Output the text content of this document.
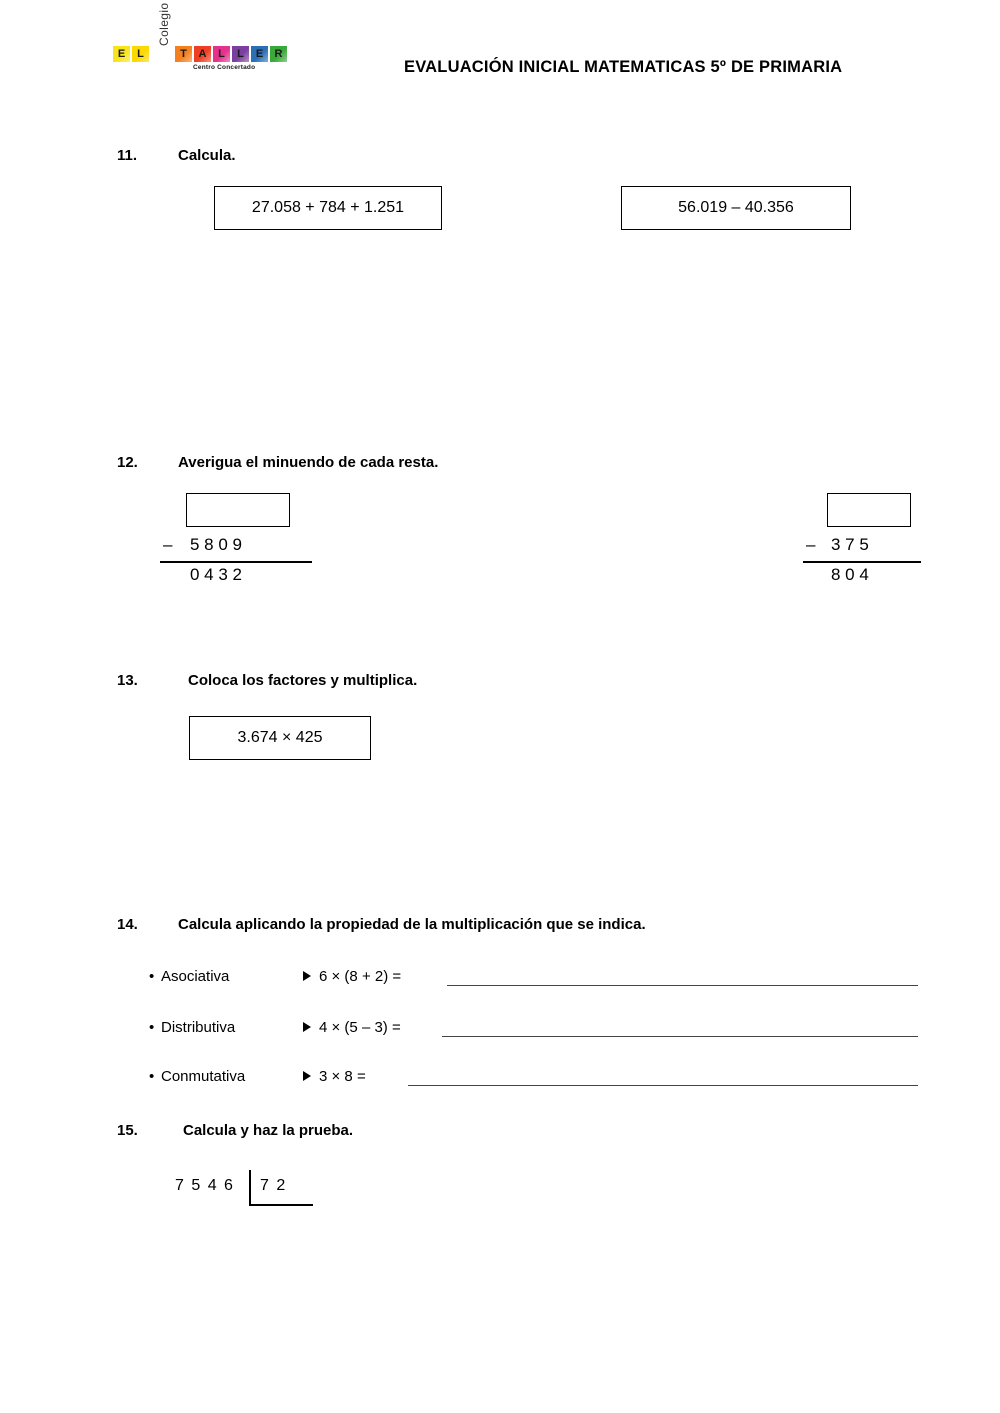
Colegio
E	L	T	A	L	L	E	R
Centro Concertado	EVALUACIÓN INICIAL MATEMATICAS 5º DE PRIMARIA
11.	Calcula.
27.058 + 784 + 1.251	56.019 – 40.356
12.	Averigua el minuendo de cada resta.
– 5 8 0 9
0 4 3 2
– 3 7 5
8 0 4
13.	Coloca los factores y multiplica.
3.674 × 425
14.	Calcula aplicando la propiedad de la multiplicación que se indica.
• Asociativa	6 × (8 + 2) =
• Distributiva	4 × (5 – 3) =
• Conmutativa	3 × 8 =
15.	Calcula y haz la prueba.
7 5 4 6 7 2
